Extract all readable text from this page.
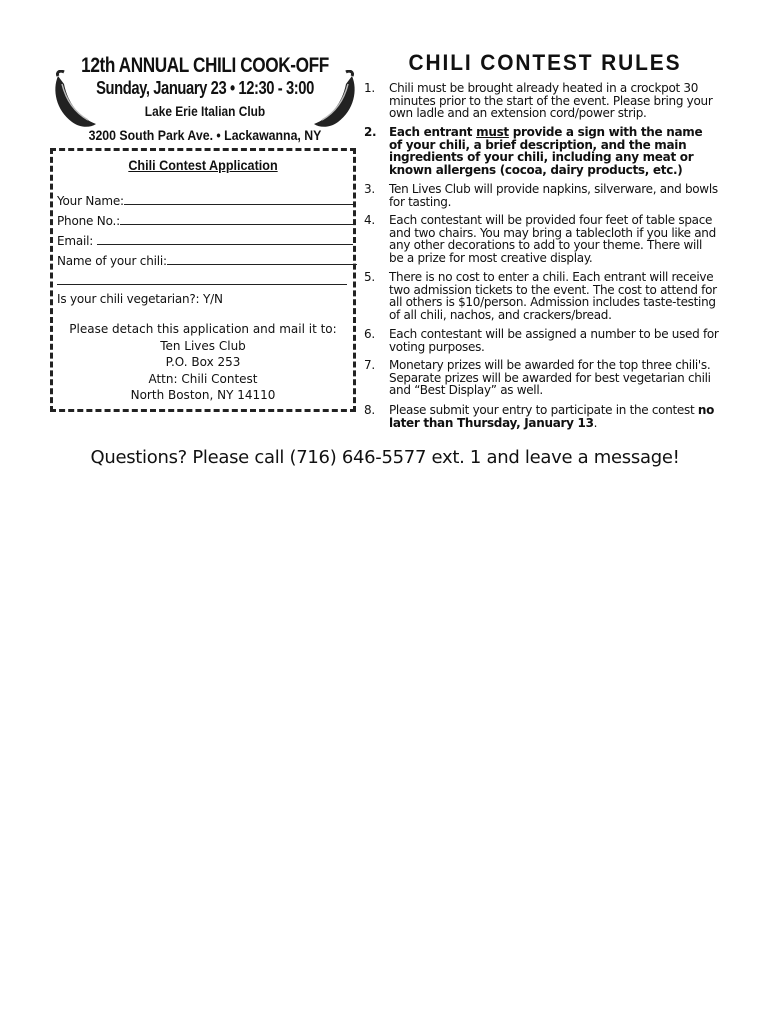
12th ANNUAL CHILI COOK-OFF
Sunday, January 23 • 12:30 - 3:00
Lake Erie Italian Club
3200 South Park Ave. • Lackawanna, NY
Chili Contest Application
Your Name:
Phone No.:
Email:
Name of your chili:
Is your chili vegetarian?: Y/N
Please detach this application and mail it to:
Ten Lives Club
P.O. Box 253
Attn: Chili Contest
North Boston, NY 14110
CHILI CONTEST RULES
1.	Chili must be brought already heated in a crockpot 30 minutes prior to the start of the event. Please bring your own ladle and an extension cord/power strip.
2.	Each entrant must provide a sign with the name of your chili, a brief description, and the main ingredients of your chili, including any meat or known allergens (cocoa, dairy products, etc.)
3.	Ten Lives Club will provide napkins, silverware, and bowls for tasting.
4.	Each contestant will be provided four feet of table space and two chairs. You may bring a tablecloth if you like and any other decorations to add to your theme. There will be a prize for most creative display.
5.	There is no cost to enter a chili. Each entrant will receive two admission tickets to the event. The cost to attend for all others is $10/person. Admission includes taste-testing of all chili, nachos, and crackers/bread.
6.	Each contestant will be assigned a number to be used for voting purposes.
7.	Monetary prizes will be awarded for the top three chili's. Separate prizes will be awarded for best vegetarian chili and “Best Display” as well.
8.	Please submit your entry to participate in the contest no later than Thursday, January 13.
Questions? Please call (716) 646-5577 ext. 1 and leave a message!
